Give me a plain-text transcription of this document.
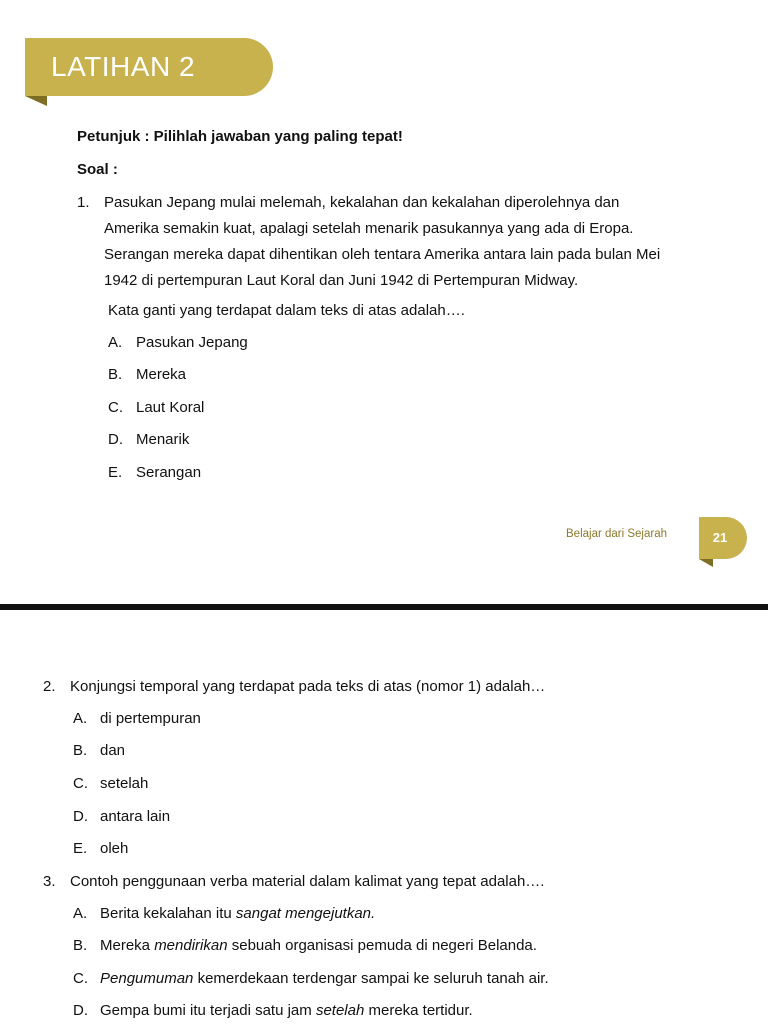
LATIHAN 2
Petunjuk : Pilihlah jawaban yang paling tepat!
Soal :
1. Pasukan Jepang mulai melemah, kekalahan dan kekalahan diperolehnya dan
Amerika semakin kuat, apalagi setelah menarik pasukannya yang ada di Eropa.
Serangan mereka dapat dihentikan oleh tentara Amerika antara lain pada bulan Mei
1942 di pertempuran Laut Koral dan Juni 1942 di Pertempuran Midway.
Kata ganti yang terdapat dalam teks di atas adalah….
A. Pasukan Jepang
B. Mereka
C. Laut Koral
D. Menarik
E. Serangan
Belajar dari Sejarah	21
2. Konjungsi temporal yang terdapat pada teks di atas (nomor 1) adalah…
A. di pertempuran
B. dan
C. setelah
D. antara lain
E. oleh
3. Contoh penggunaan verba material dalam kalimat yang tepat adalah….
A. Berita kekalahan itu sangat mengejutkan.
B. Mereka mendirikan sebuah organisasi pemuda di negeri Belanda.
C. Pengumuman kemerdekaan terdengar sampai ke seluruh tanah air.
D. Gempa bumi itu terjadi satu jam setelah mereka tertidur.
